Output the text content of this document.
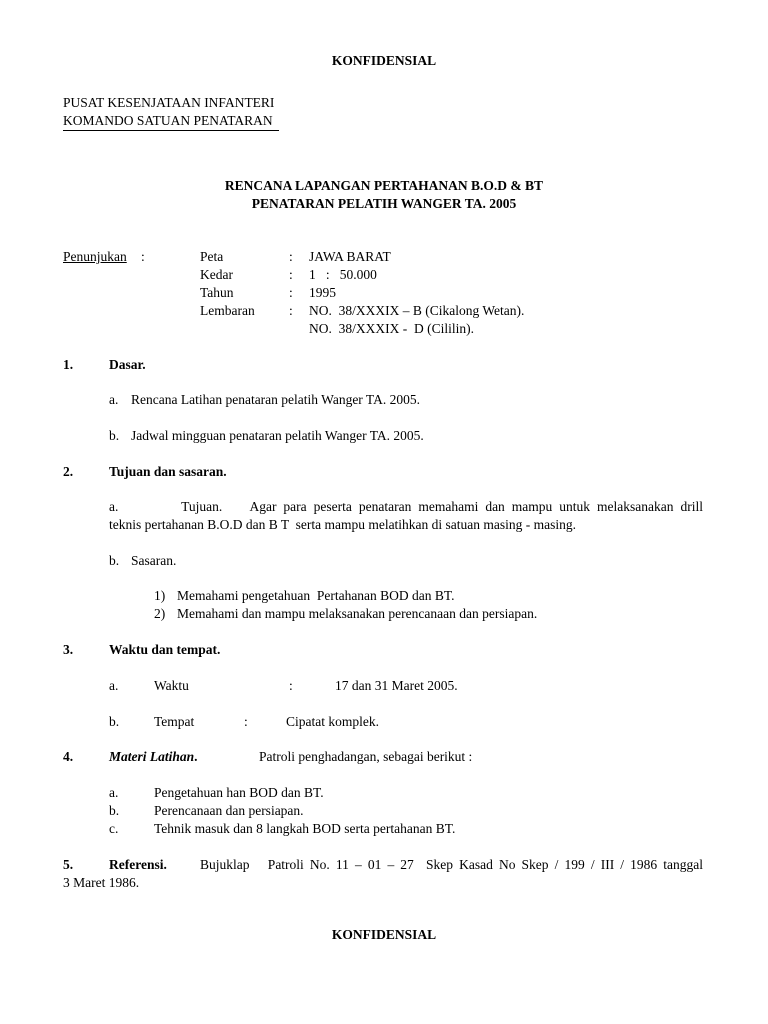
KONFIDENSIAL
PUSAT KESENJATAAN INFANTERI
KOMANDO SATUAN PENATARAN
RENCANA LAPANGAN PERTAHANAN B.O.D & BT
PENATARAN PELATIH WANGER TA. 2005
Penunjukan :	Peta	: JAWA BARAT
Kedar	: 1   :   50.000
Tahun	: 1995
Lembaran	: NO.  38/XXXIX – B (Cikalong Wetan).
NO.  38/XXXIX -  D (Cililin).
1.	Dasar.
a. Rencana Latihan penataran pelatih Wanger TA. 2005.
b. Jadwal mingguan penataran pelatih Wanger TA. 2005.
2.	Tujuan dan sasaran.
a.         Tujuan.    Agar para peserta penataran memahami dan mampu untuk melaksanakan drill
teknis pertahanan B.O.D dan B T  serta mampu melatihkan di satuan masing - masing.
b. Sasaran.
1) Memahami pengetahuan  Pertahanan BOD dan BT.
2) Memahami dan mampu melaksanakan perencanaan dan persiapan.
3.	Waktu dan tempat.
a.	Waktu	:	17 dan 31 Maret 2005.
b.	Tempat	:	Cipatat komplek.
4.	Materi Latihan.	Patroli penghadangan, sebagai berikut :
a.	Pengetahuan han BOD dan BT.
b.	Perencanaan dan persiapan.
c.	Tehnik masuk dan 8 langkah BOD serta pertahanan BT.
5.	Referensi. Bujuklap   Patroli No. 11 – 01 – 27  Skep Kasad No Skep / 199 / III / 1986 tanggal
3 Maret 1986.
KONFIDENSIAL
